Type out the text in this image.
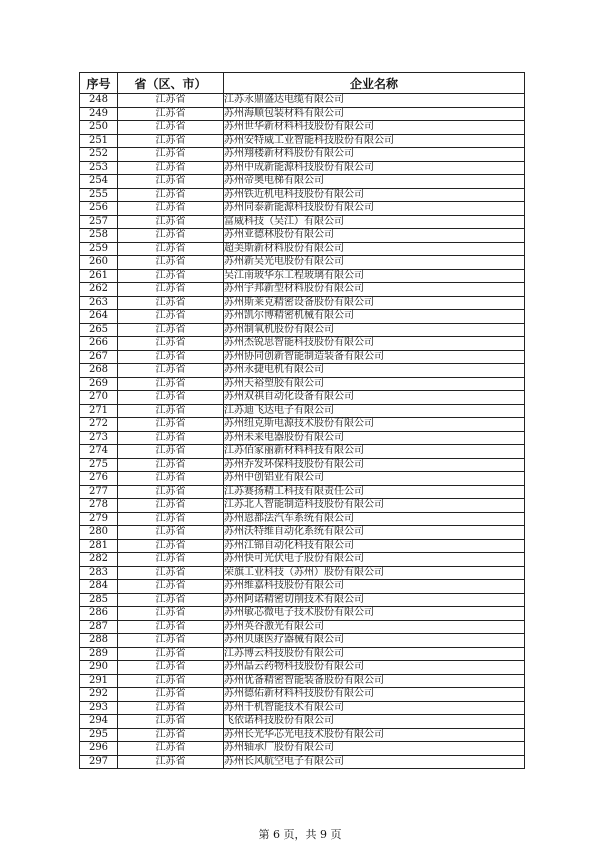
序号	省（区、市）	企业名称
248	江苏省	江苏永鼎盛达电缆有限公司
249	江苏省	苏州海顺包装材料有限公司
250	江苏省	苏州世华新材料科技股份有限公司
251	江苏省	苏州安特威工业智能科技股份有限公司
252	江苏省	苏州翔楼新材料股份有限公司
253	江苏省	苏州中成新能源科技股份有限公司
254	江苏省	苏州帝奥电梯有限公司
255	江苏省	苏州铁近机电科技股份有限公司
256	江苏省	苏州同泰新能源科技股份有限公司
257	江苏省	富威科技（吴江）有限公司
258	江苏省	苏州亚德林股份有限公司
259	江苏省	超美斯新材料股份有限公司
260	江苏省	苏州新吴光电股份有限公司
261	江苏省	吴江南玻华东工程玻璃有限公司
262	江苏省	苏州宇邦新型材料股份有限公司
263	江苏省	苏州斯莱克精密设备股份有限公司
264	江苏省	苏州凯尔博精密机械有限公司
265	江苏省	苏州制氧机股份有限公司
266	江苏省	苏州杰锐思智能科技股份有限公司
267	江苏省	苏州协同创新智能制造装备有限公司
268	江苏省	苏州永捷电机有限公司
269	江苏省	苏州天裕塑胶有限公司
270	江苏省	苏州双祺自动化设备有限公司
271	江苏省	江苏迪飞达电子有限公司
272	江苏省	苏州纽克斯电源技术股份有限公司
273	江苏省	苏州未来电器股份有限公司
274	江苏省	江苏佰家丽新材料科技有限公司
275	江苏省	苏州乔发环保科技股份有限公司
276	江苏省	苏州中创铝业有限公司
277	江苏省	江苏赛扬精工科技有限责任公司
278	江苏省	江苏北人智能制造科技股份有限公司
279	江苏省	苏州恩都法汽车系统有限公司
280	江苏省	苏州沃特维自动化系统有限公司
281	江苏省	苏州江锦自动化科技有限公司
282	江苏省	苏州快可光伏电子股份有限公司
283	江苏省	荣旗工业科技（苏州）股份有限公司
284	江苏省	苏州维嘉科技股份有限公司
285	江苏省	苏州阿诺精密切削技术有限公司
286	江苏省	苏州敏芯微电子技术股份有限公司
287	江苏省	苏州英谷激光有限公司
288	江苏省	苏州贝康医疗器械有限公司
289	江苏省	江苏博云科技股份有限公司
290	江苏省	苏州晶云药物科技股份有限公司
291	江苏省	苏州优备精密智能装备股份有限公司
292	江苏省	苏州德佑新材料科技股份有限公司
293	江苏省	苏州千机智能技术有限公司
294	江苏省	飞依诺科技股份有限公司
295	江苏省	苏州长光华芯光电技术股份有限公司
296	江苏省	苏州轴承厂股份有限公司
297	江苏省	苏州长风航空电子有限公司
第 6 页，共 9 页
